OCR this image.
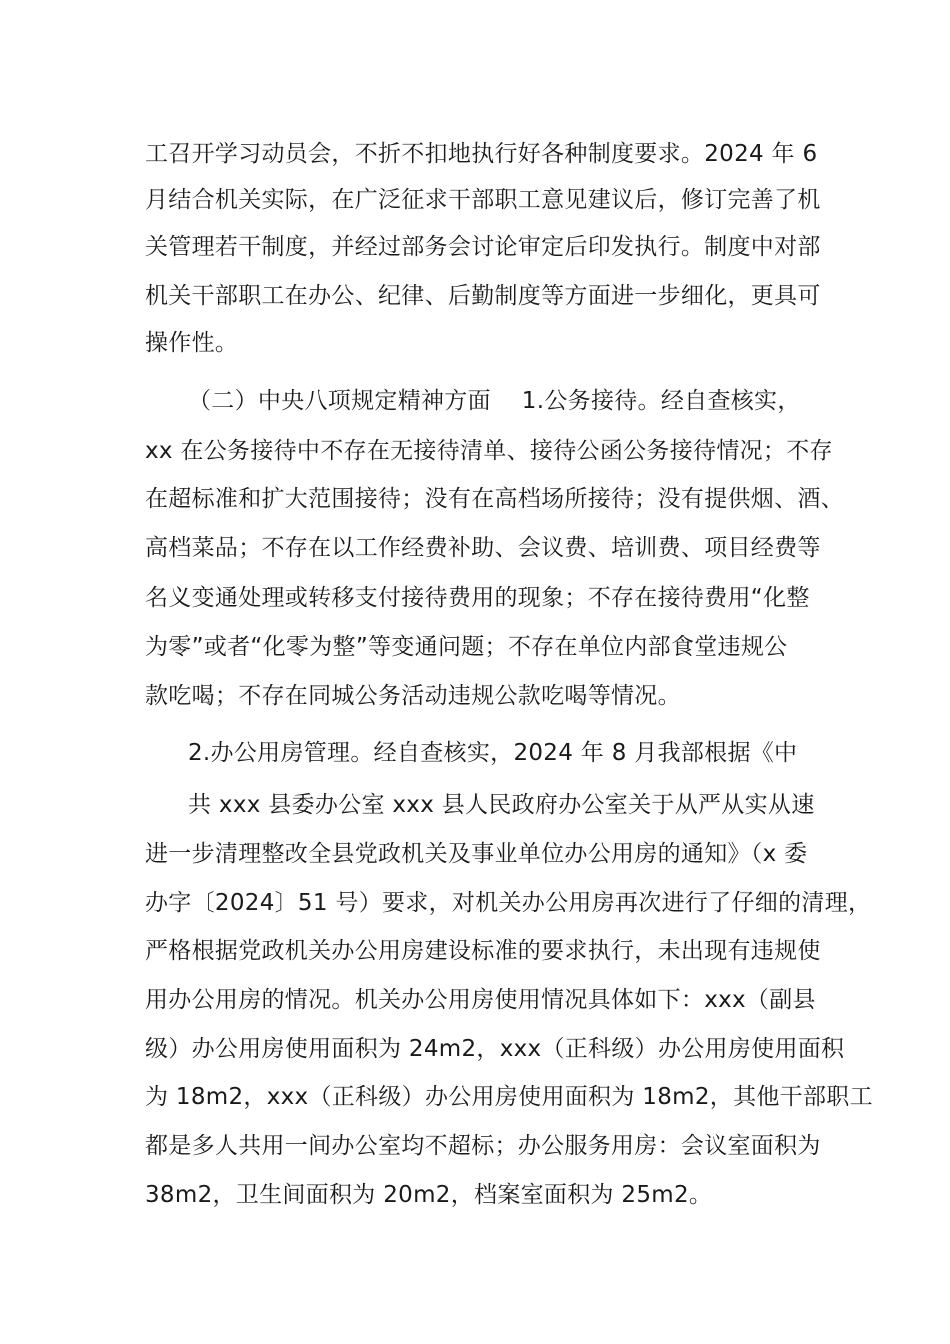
工召开学习动员会，不折不扣地执行好各种制度要求。2024 年 6
月结合机关实际，在广泛征求干部职工意见建议后，修订完善了机
关管理若干制度，并经过部务会讨论审定后印发执行。制度中对部
机关干部职工在办公、纪律、后勤制度等方面进一步细化，更具可
操作性。
（二）中央八项规定精神方面　 1.公务接待。经自查核实，
xx 在公务接待中不存在无接待清单、接待公函公务接待情况；不存
在超标准和扩大范围接待；没有在高档场所接待；没有提供烟、酒、
高档菜品；不存在以工作经费补助、会议费、培训费、项目经费等
名义变通处理或转移支付接待费用的现象；不存在接待费用“化整
为零”或者“化零为整”等变通问题；不存在单位内部食堂违规公
款吃喝；不存在同城公务活动违规公款吃喝等情况。
2.办公用房管理。经自查核实，2024 年 8 月我部根据《中
共 xxx 县委办公室 xxx 县人民政府办公室关于从严从实从速
进一步清理整改全县党政机关及事业单位办公用房的通知》（x 委
办字〔2024〕51 号）要求，对机关办公用房再次进行了仔细的清理，
严格根据党政机关办公用房建设标准的要求执行，未出现有违规使
用办公用房的情况。机关办公用房使用情况具体如下：xxx（副县
级）办公用房使用面积为 24m2，xxx（正科级）办公用房使用面积
为 18m2，xxx（正科级）办公用房使用面积为 18m2，其他干部职工
都是多人共用一间办公室均不超标；办公服务用房：会议室面积为
38m2，卫生间面积为 20m2，档案室面积为 25m2。
